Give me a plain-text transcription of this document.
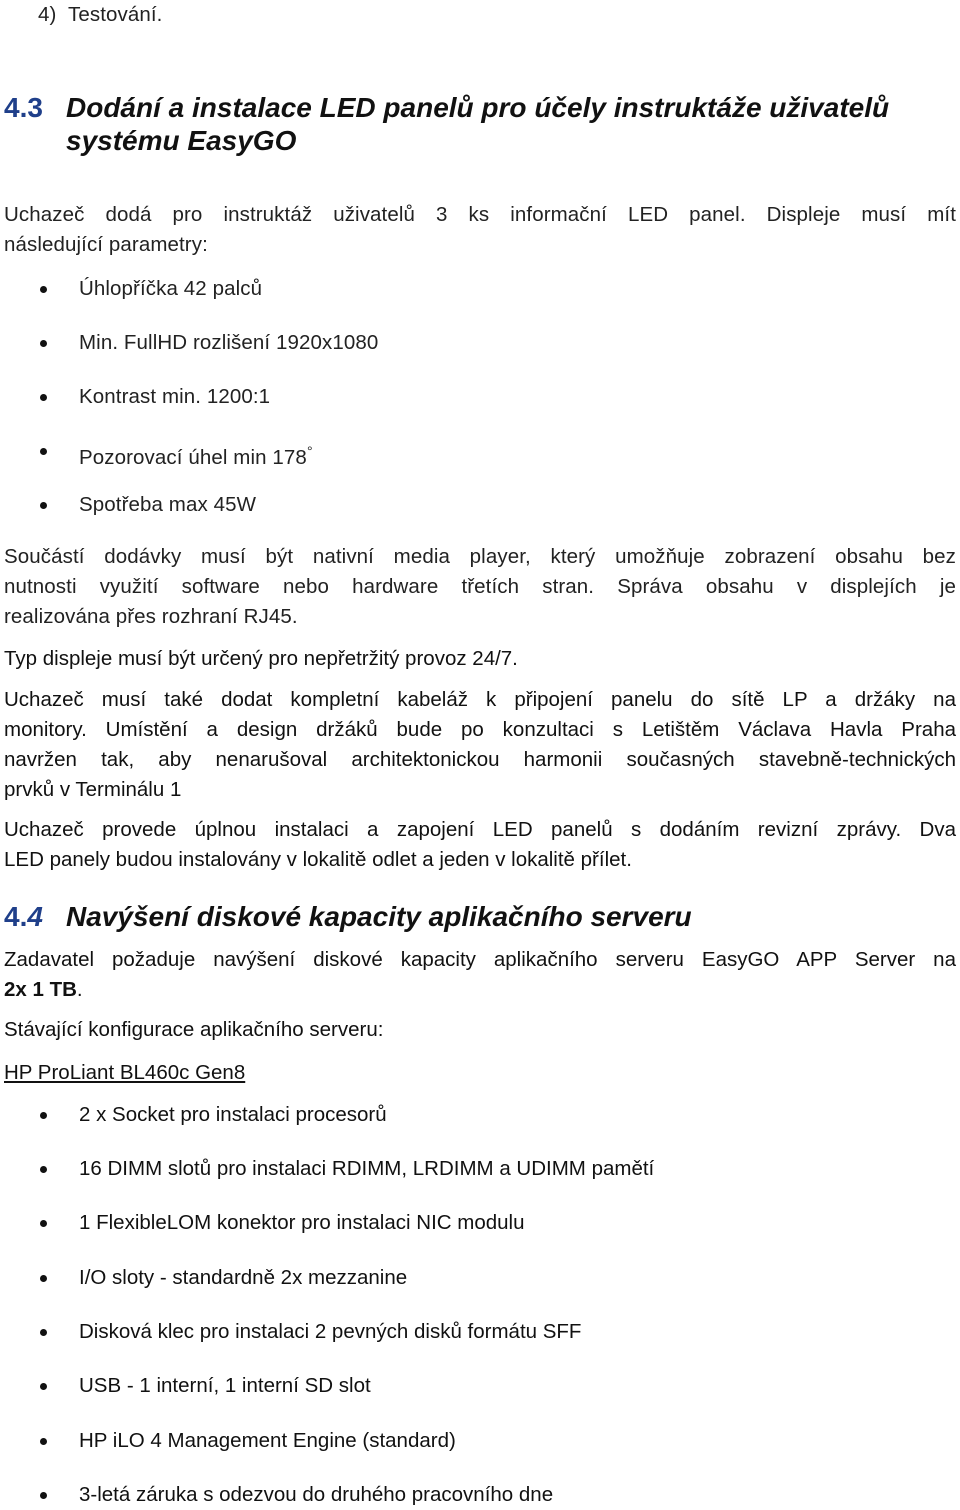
4)  Testování.

4.3 Dodání a instalace LED panelů pro účely instruktáže uživatelů
systému EasyGO

Uchazeč dodá pro instruktáž uživatelů 3 ks informační LED panel. Displeje musí mít

následující parametry:

Úhlopříčka 42 palců
Min. FullHD rozlišení 1920x1080
Kontrast min. 1200:1
Pozorovací úhel min 178°
Spotřeba max 45W

Součástí dodávky musí být nativní media player, který umožňuje zobrazení obsahu bez

nutnosti využití software nebo hardware třetích stran. Správa obsahu v displejích je

realizována přes rozhraní RJ45.

Typ displeje musí být určený pro nepřetržitý provoz 24/7.

Uchazeč musí také dodat kompletní kabeláž k připojení panelu do sítě LP a držáky na

monitory. Umístění a design držáků bude po konzultaci s Letištěm Václava Havla Praha

navržen tak, aby nenarušoval architektonickou harmonii současných stavebně-technických

prvků v Terminálu 1

Uchazeč provede úplnou instalaci a zapojení LED panelů s dodáním revizní zprávy. Dva

LED panely budou instalovány v lokalitě odlet a jeden v lokalitě přílet.

4.4 Navýšení diskové kapacity aplikačního serveru

Zadavatel požaduje navýšení diskové kapacity aplikačního serveru EasyGO APP Server na

2x 1 TB.

Stávající konfigurace aplikačního serveru:

HP ProLiant BL460c Gen8

2 x Socket pro instalaci procesorů
16 DIMM slotů pro instalaci RDIMM, LRDIMM a UDIMM pamětí
1 FlexibleLOM konektor pro instalaci NIC modulu
I/O sloty - standardně 2x mezzanine
Disková klec pro instalaci 2 pevných disků formátu SFF
USB - 1 interní, 1 interní SD slot
HP iLO 4 Management Engine (standard)
3-letá záruka s odezvou do druhého pracovního dne
